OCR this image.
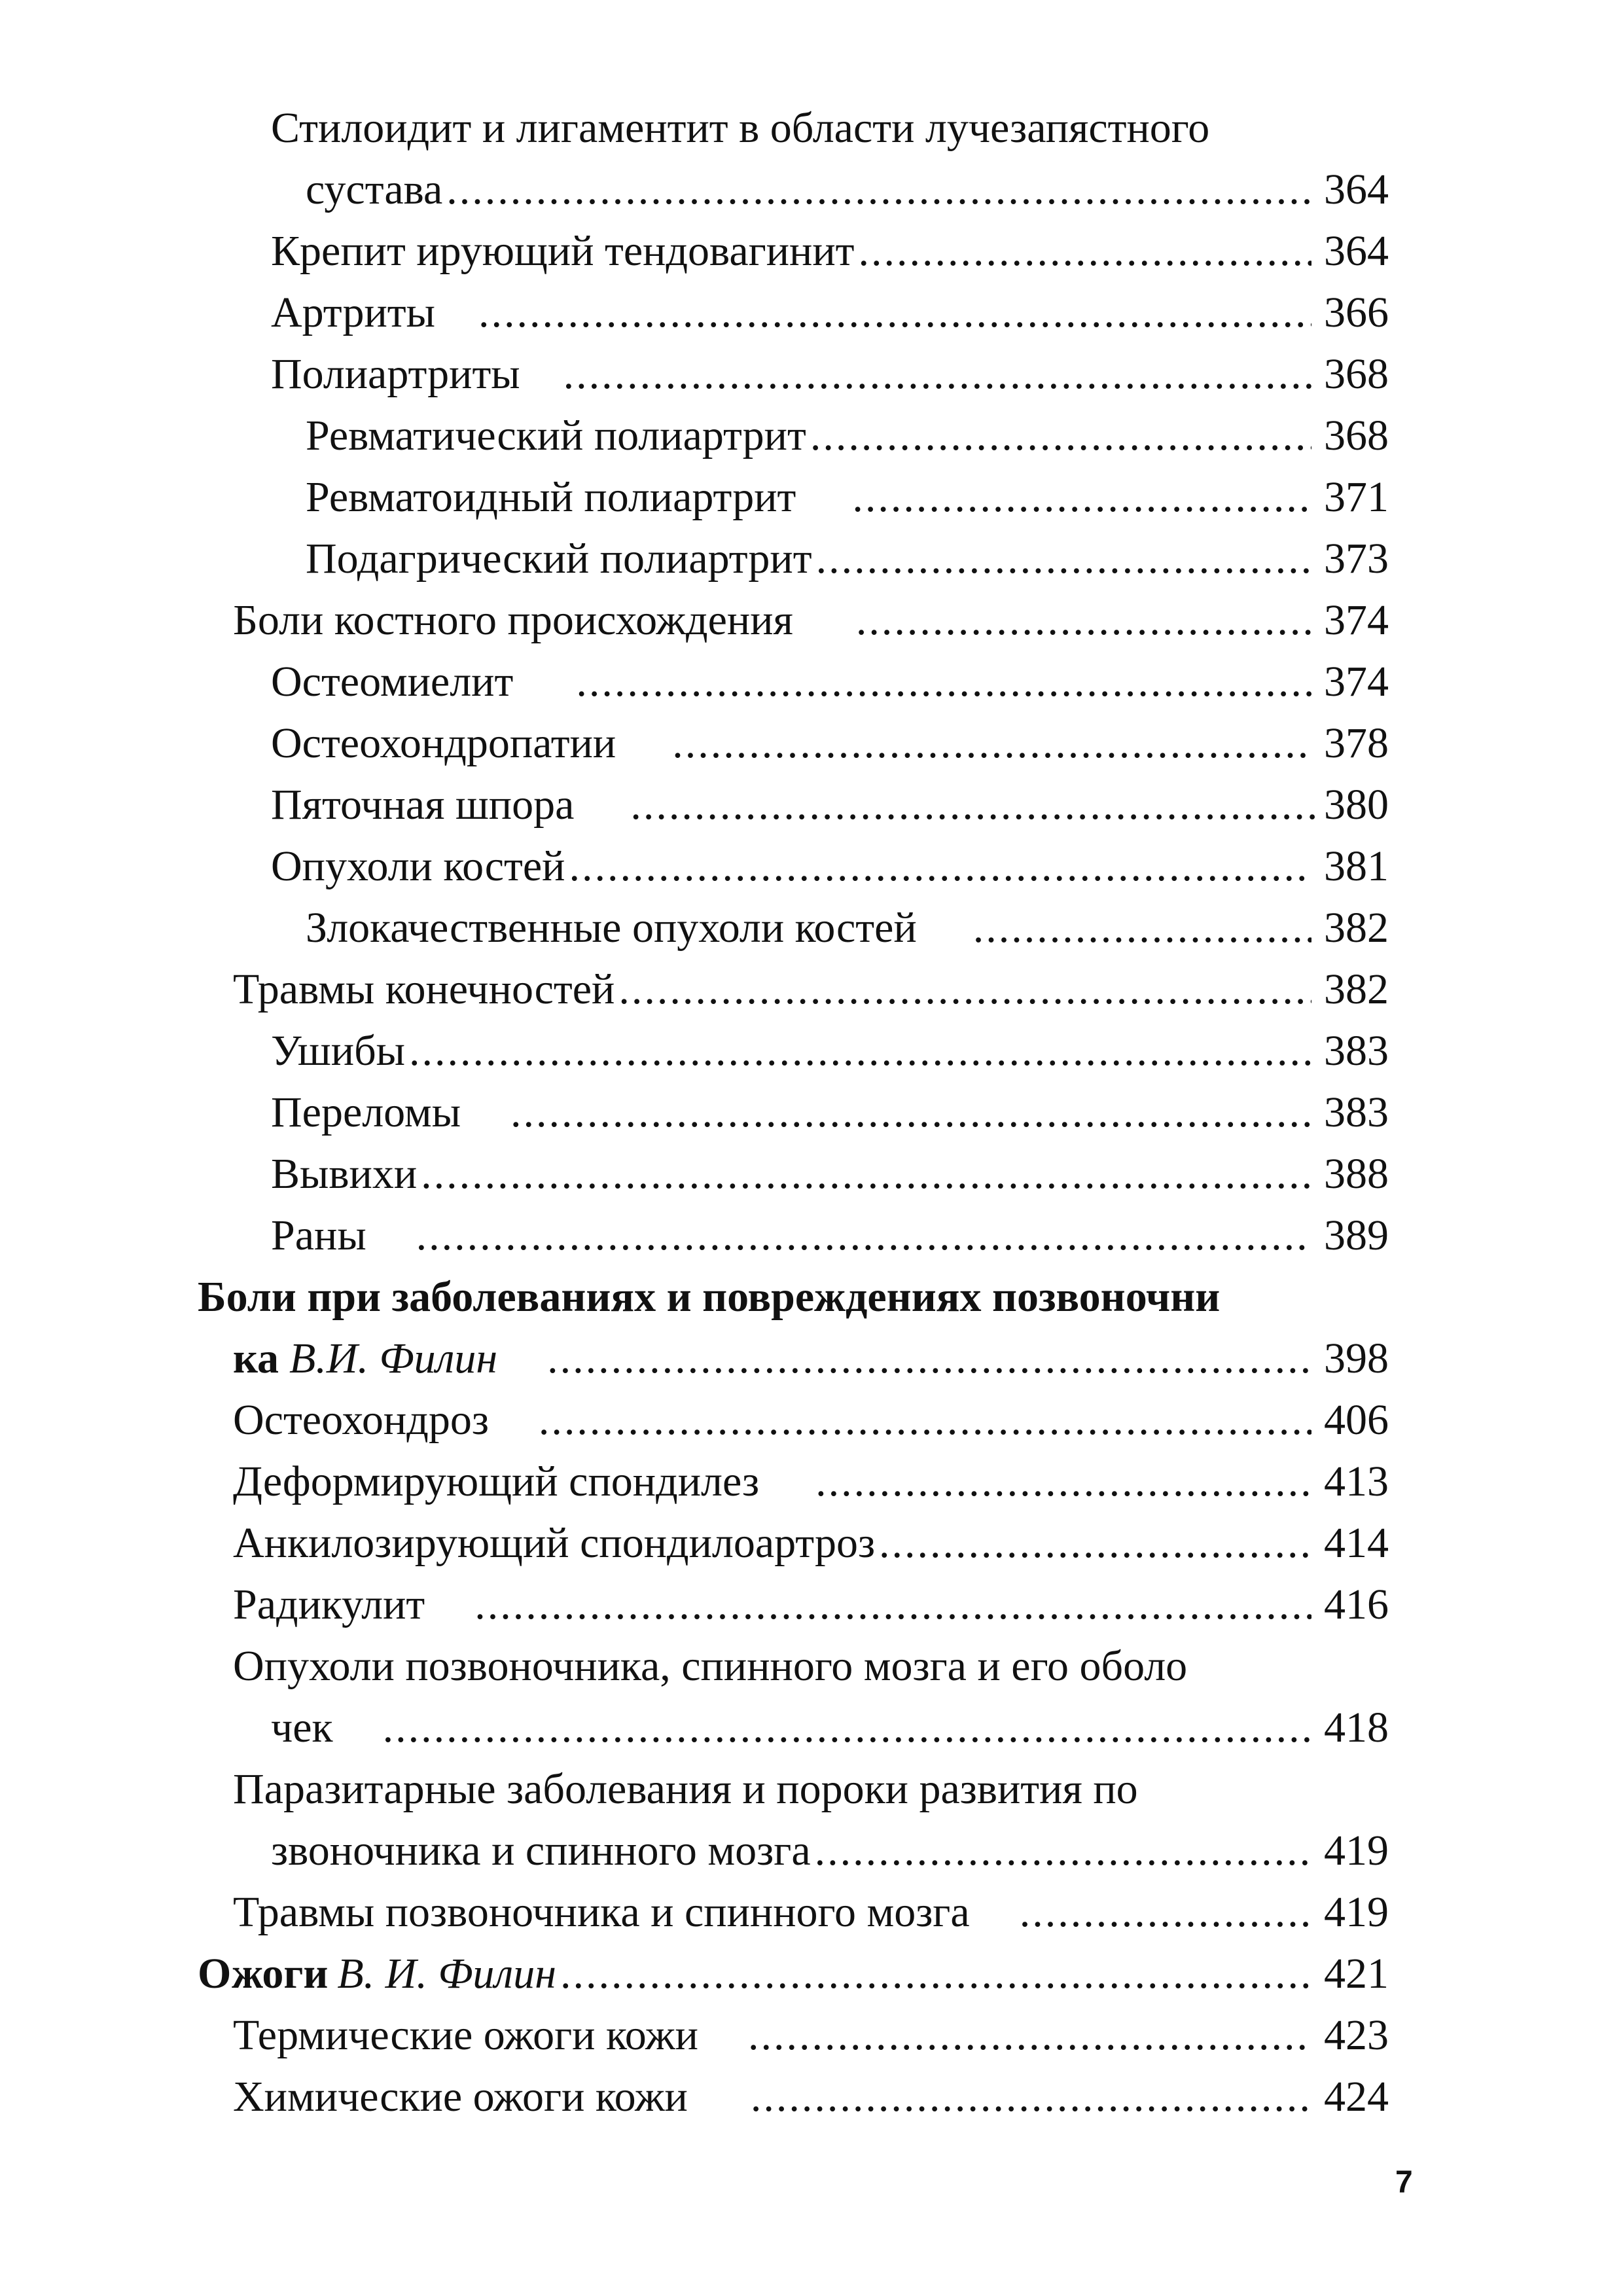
Стилоидит и лигаментит в области лучезапястного
сустава .....	364
Крепит ирующий тендовагинит .....	364
Артриты .....	366
Полиартриты .....	368
Ревматический полиартрит .....	368
Ревматоидный полиартрит .....	371
Подагрический полиартрит .....	373
Боли костного происхождения .....	374
Остеомиелит .....	374
Остеохондропатии .....	378
Пяточная шпора .....	380
Опухоли костей .....	381
Злокачественные опухоли костей .....	382
Травмы конечностей .....	382
Ушибы .....	383
Переломы .....	383
Вывихи .....	388
Раны .....	389
Боли при заболеваниях и повреждениях позвоночни
ка В.И. Филин .....	398
Остеохондроз .....	406
Деформирующий спондилез .....	413
Анкилозирующий спондилоартроз .....	414
Радикулит .....	416
Опухоли позвоночника, спинного мозга и его оболо
чек .....	418
Паразитарные заболевания и пороки развития по
звоночника и спинного мозга .....	419
Травмы позвоночника и спинного мозга .....	419
Ожоги В. И. Филин .....	421
Термические ожоги кожи .....	423
Химические ожоги кожи .....	424
7
